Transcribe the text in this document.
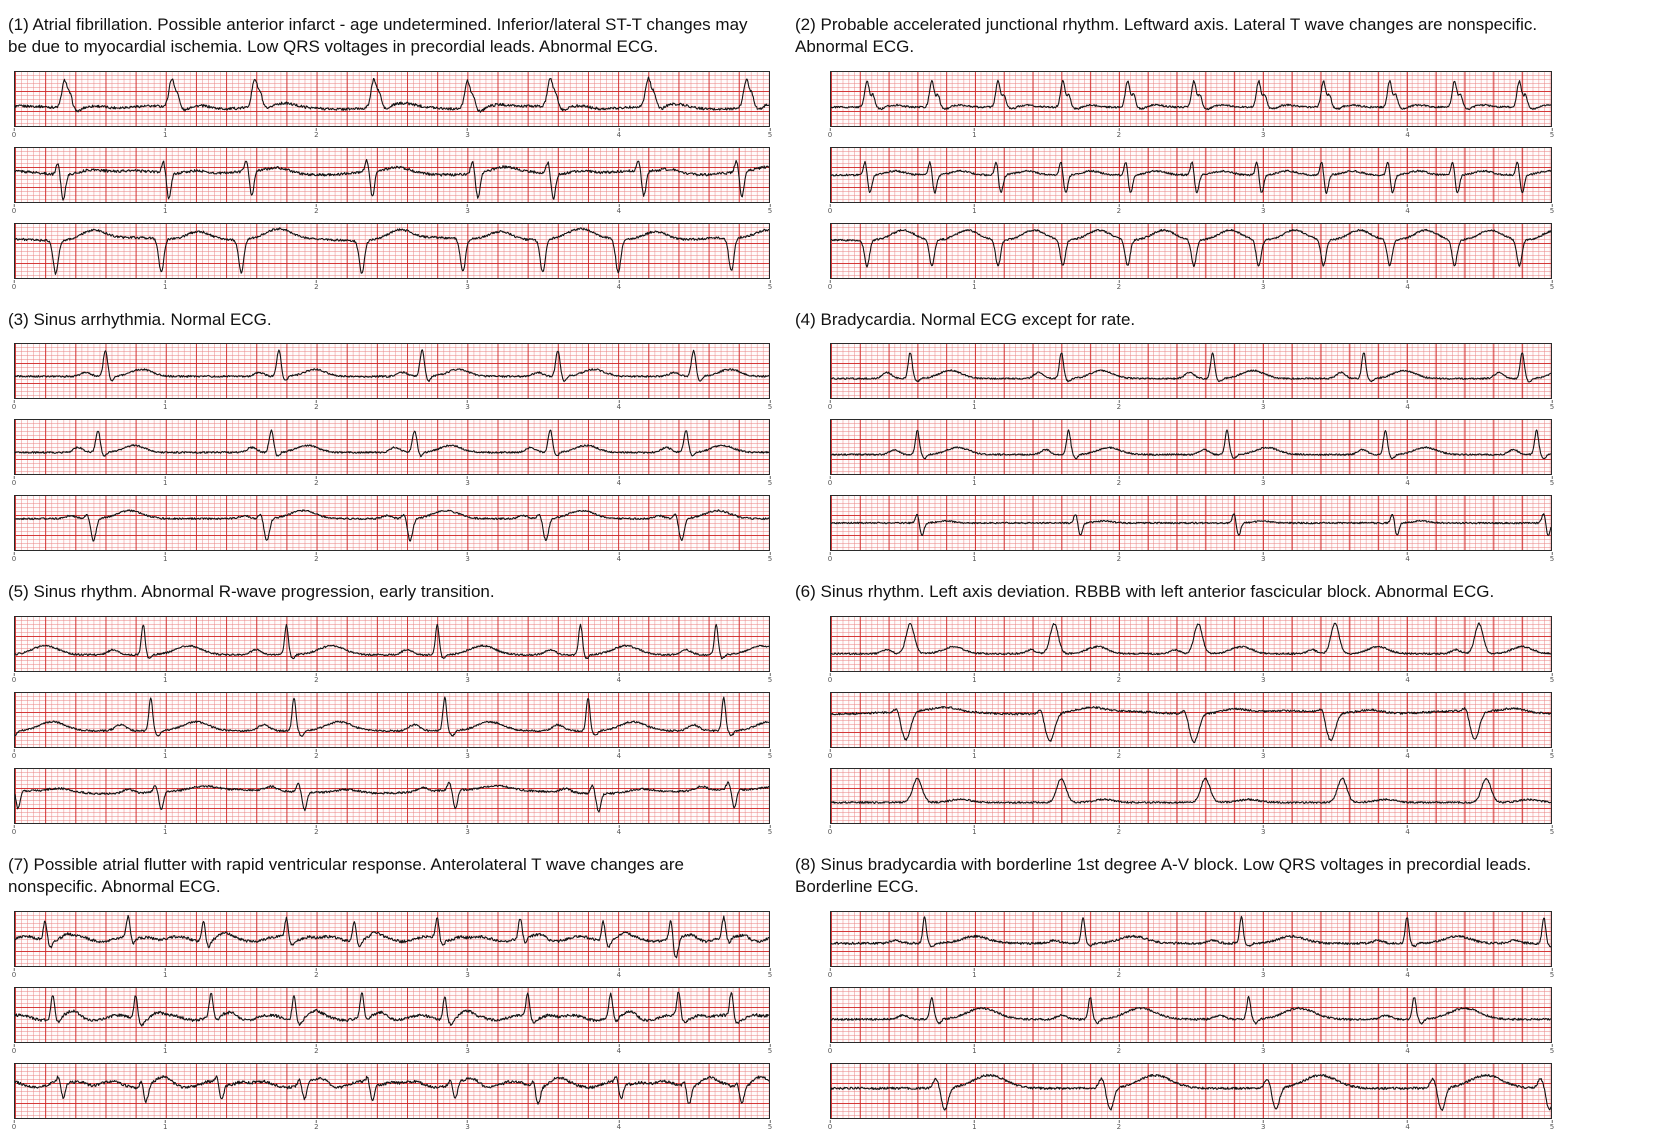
(1) Atrial fibrillation. Possible anterior infarct - age undetermined. Inferior/lateral ST-T changes may be due to myocardial ischemia. Low QRS voltages in precordial leads. Abnormal ECG.
0	1	2	3	4	5
0	1	2	3	4	5
0	1	2	3	4	5
(2) Probable accelerated junctional rhythm. Leftward axis. Lateral T wave changes are nonspecific. Abnormal ECG.
0	1	2	3	4	5
0	1	2	3	4	5
0	1	2	3	4	5
(3) Sinus arrhythmia. Normal ECG.
0	1	2	3	4	5
0	1	2	3	4	5
0	1	2	3	4	5
(4) Bradycardia. Normal ECG except for rate.
0	1	2	3	4	5
0	1	2	3	4	5
0	1	2	3	4	5
(5) Sinus rhythm. Abnormal R-wave progression, early transition.
0	1	2	3	4	5
0	1	2	3	4	5
0	1	2	3	4	5
(6) Sinus rhythm. Left axis deviation. RBBB with left anterior fascicular block. Abnormal ECG.
0	1	2	3	4	5
0	1	2	3	4	5
0	1	2	3	4	5
(7) Possible atrial flutter with rapid ventricular response. Anterolateral T wave changes are nonspecific. Abnormal ECG.
0	1	2	3	4	5
0	1	2	3	4	5
0	1	2	3	4	5
(8) Sinus bradycardia with borderline 1st degree A-V block. Low QRS voltages in precordial leads. Borderline ECG.
0	1	2	3	4	5
0	1	2	3	4	5
0	1	2	3	4	5
